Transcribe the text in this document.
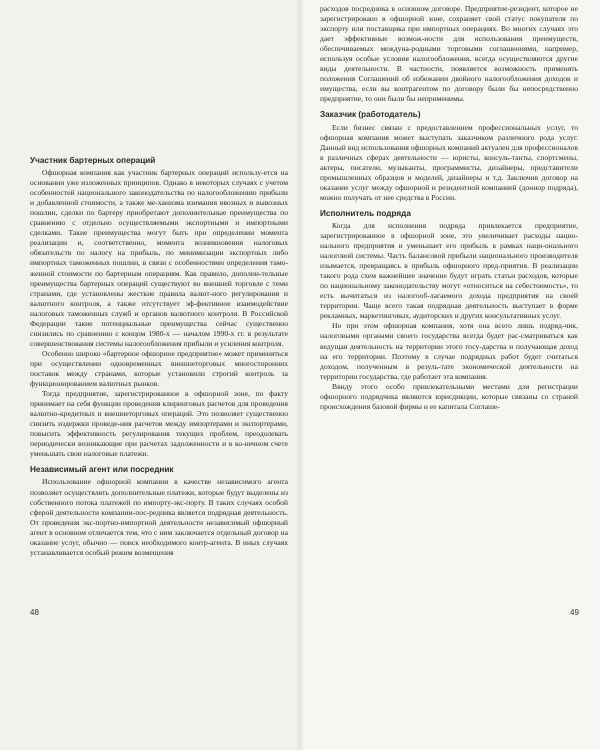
Участник бартерных операций

Офшорная компания как участник бартерных операций использу-ется на основании уже изложенных принципов. Однако в некоторых случаях с учетом особенностей национального законодательства по налогообложению прибыли и добавленной стоимости, а также ме-ханизма взимания ввозных и вывозных пошлин, сделки по бартеру приобретают дополнительные преимущества по сравнению с отдельно осуществляемыми экспортными и импортными сделками. Такие преимущества могут быть при определении момента реализации и, соответственно, момента возникновения налоговых обязательств по налогу на прибыль, по минимизации экспортных либо импортных таможенных пошлин, в связи с особенностями определения тамо-женной стоимости по бартерным операциям. Как правило, дополни-тельные преимущества бартерных операций существуют во внешней торговле с теми странами, где установлены жесткие правила валют-ного регулирования и валютного контроля, а также отсутствует эф-фективное взаимодействие налоговых таможенных служб и органов валютного контроля. В Российской Федерации такие потенциальные преимущества сейчас существенно снизились по сравнению с концом 1980-х — началом 1990-х гг. в результате совершенствования системы налогообложения прибыли и усиления контроля.

Особенно широко «бартерное офшорное предприятие» может применяться при осуществлении одновременных внешнеторговых многосторонних поставок между странами, которые установили строгий контроль за функционированием валютных рынков.

Тогда предприятие, зарегистрированное в офшорной зоне, по факту принимает на себя функции проведения клиринговых расчетов для проведения валютно-кредитных и внешнеторговых операций. Это позволяет существенно снизить издержки проведе-ния расчетов между импортерами и экспортерами, повысить эффективность регулирования текущих проблем, преодолевать периодически возникающие при расчетах задолженности и в ко-нечном счете уменьшать свои налоговые платежи.

Независимый агент или посредник

Использование офшорной компании в качестве независимого агента позволяет осуществлять дополнительные платежи, которые будут выделены из собственного потока платежей по импорту-экс-порту. В таких случаях особой сферой деятельности компании-пос-редника является подрядная деятельность. От проведения экс-портно-импортной деятельности независимый офшорный агент в основном отличается тем, что с ним заключается отдельный договор на оказание услуг, обычно — поиск необходимого контр-агента. В иных случаях устанавливается особый режим возмещения

48

расходов посредника в основном договоре. Предприятие-резидент, которое не зарегистрировано в офшорной зоне, сохраняет свой статус покупателя по экспорту или поставщика при импортных операциях. Во многих случаях это дает эффективные возмож-ности для использования преимуществ, обеспечиваемых междуна-родными торговыми соглашениями, например, используя особые условия налогообложения, всегда осуществляются другие виды деятельности. В частности, появляется возможность применять положения Соглашений об избежании двойного налогообложения доходов и имущества, если вы контрагентом по договору были бы непосредственно предприятие, то они были бы неприменимы.

Заказчик (работодатель)

Если бизнес связан с предоставлением профессиональных услуг, то офшорная компания может выступать заказчиком различного рода услуг. Данный вид использования офшорных компаний актуален для профессионалов в различных сферах деятельности — юристы, консуль-танты, спортсмены, актеры, писатели, музыканты, программисты, дизайнеры, представители промышленных образцов и моделей, дизайнеры и т.д. Заключив договор на оказание услуг между офшорной и резидентной компанией (донноp подряда), можно получать от нее средства в России.

Исполнитель подряда

Когда для исполнения подряда привлекается предприятие, зарегистрированное в офшорной зоне, это увеличивает расходы нацио-нального предприятия и уменьшает его прибыль в рамках наци-онального налоговой системы. Часть балансовой прибыли национального производителя изымается, превращаясь в прибыль офшорного пред-приятия. В реализации такого рода схем важнейшее значение будут играть статьи расходов, которые по национальному законодательству могут «относиться на себестоимость», то есть вычитаться из налогооб-лагаемого дохода предприятия на своей территории. Чаще всего такая подрядная деятельность выступает в форме рекламных, маркетинговых, аудиторских и других консультативных услуг.

Но при этом офшорная компания, хотя она всего лишь подряд-чик, налоговыми органами своего государства всегда будет рас-сматриваться как ведущая деятельность на территории этого госу-дарства и получающая доход на его территории. Поэтому в случае подрядных работ будет считаться доходом, полученным в резуль-тате экономической деятельности на территории государства, где работает эта компания.

Ввиду этого особо привлекательными местами для регистрации офшорного подрядчика являются юрисдикции, которые связаны со страной происхождения базовой фирмы и ее капитала Соглаше-

49
